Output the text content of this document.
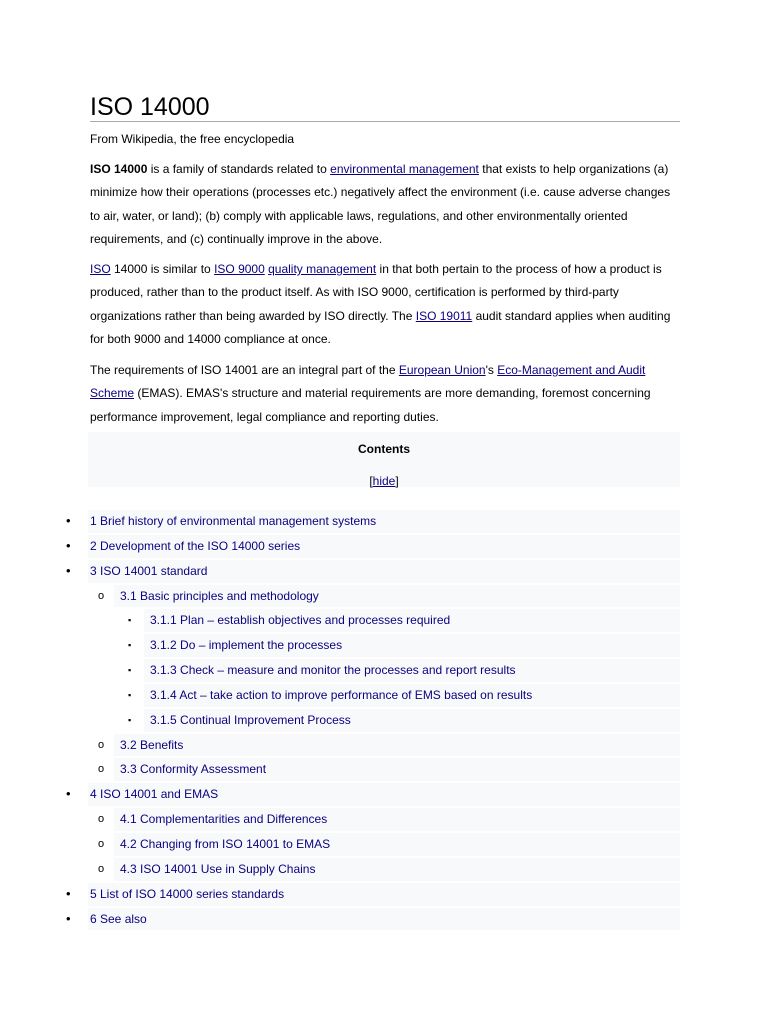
ISO 14000
From Wikipedia, the free encyclopedia

ISO 14000 is a family of standards related to environmental management that exists to help organizations (a) minimize how their operations (processes etc.) negatively affect the environment (i.e. cause adverse changes to air, water, or land); (b) comply with applicable laws, regulations, and other environmentally oriented requirements, and (c) continually improve in the above.

ISO 14000 is similar to ISO 9000 quality management in that both pertain to the process of how a product is produced, rather than to the product itself. As with ISO 9000, certification is performed by third-party organizations rather than being awarded by ISO directly. The ISO 19011 audit standard applies when auditing for both 9000 and 14000 compliance at once.

The requirements of ISO 14001 are an integral part of the European Union's Eco-Management and Audit Scheme (EMAS). EMAS's structure and material requirements are more demanding, foremost concerning performance improvement, legal compliance and reporting duties.

Contents
[hide]
• 1 Brief history of environmental management systems
• 2 Development of the ISO 14000 series
• 3 ISO 14001 standard
o 3.1 Basic principles and methodology
▪ 3.1.1 Plan – establish objectives and processes required
▪ 3.1.2 Do – implement the processes
▪ 3.1.3 Check – measure and monitor the processes and report results
▪ 3.1.4 Act – take action to improve performance of EMS based on results
▪ 3.1.5 Continual Improvement Process
o 3.2 Benefits
o 3.3 Conformity Assessment
• 4 ISO 14001 and EMAS
o 4.1 Complementarities and Differences
o 4.2 Changing from ISO 14001 to EMAS
o 4.3 ISO 14001 Use in Supply Chains
• 5 List of ISO 14000 series standards
• 6 See also
